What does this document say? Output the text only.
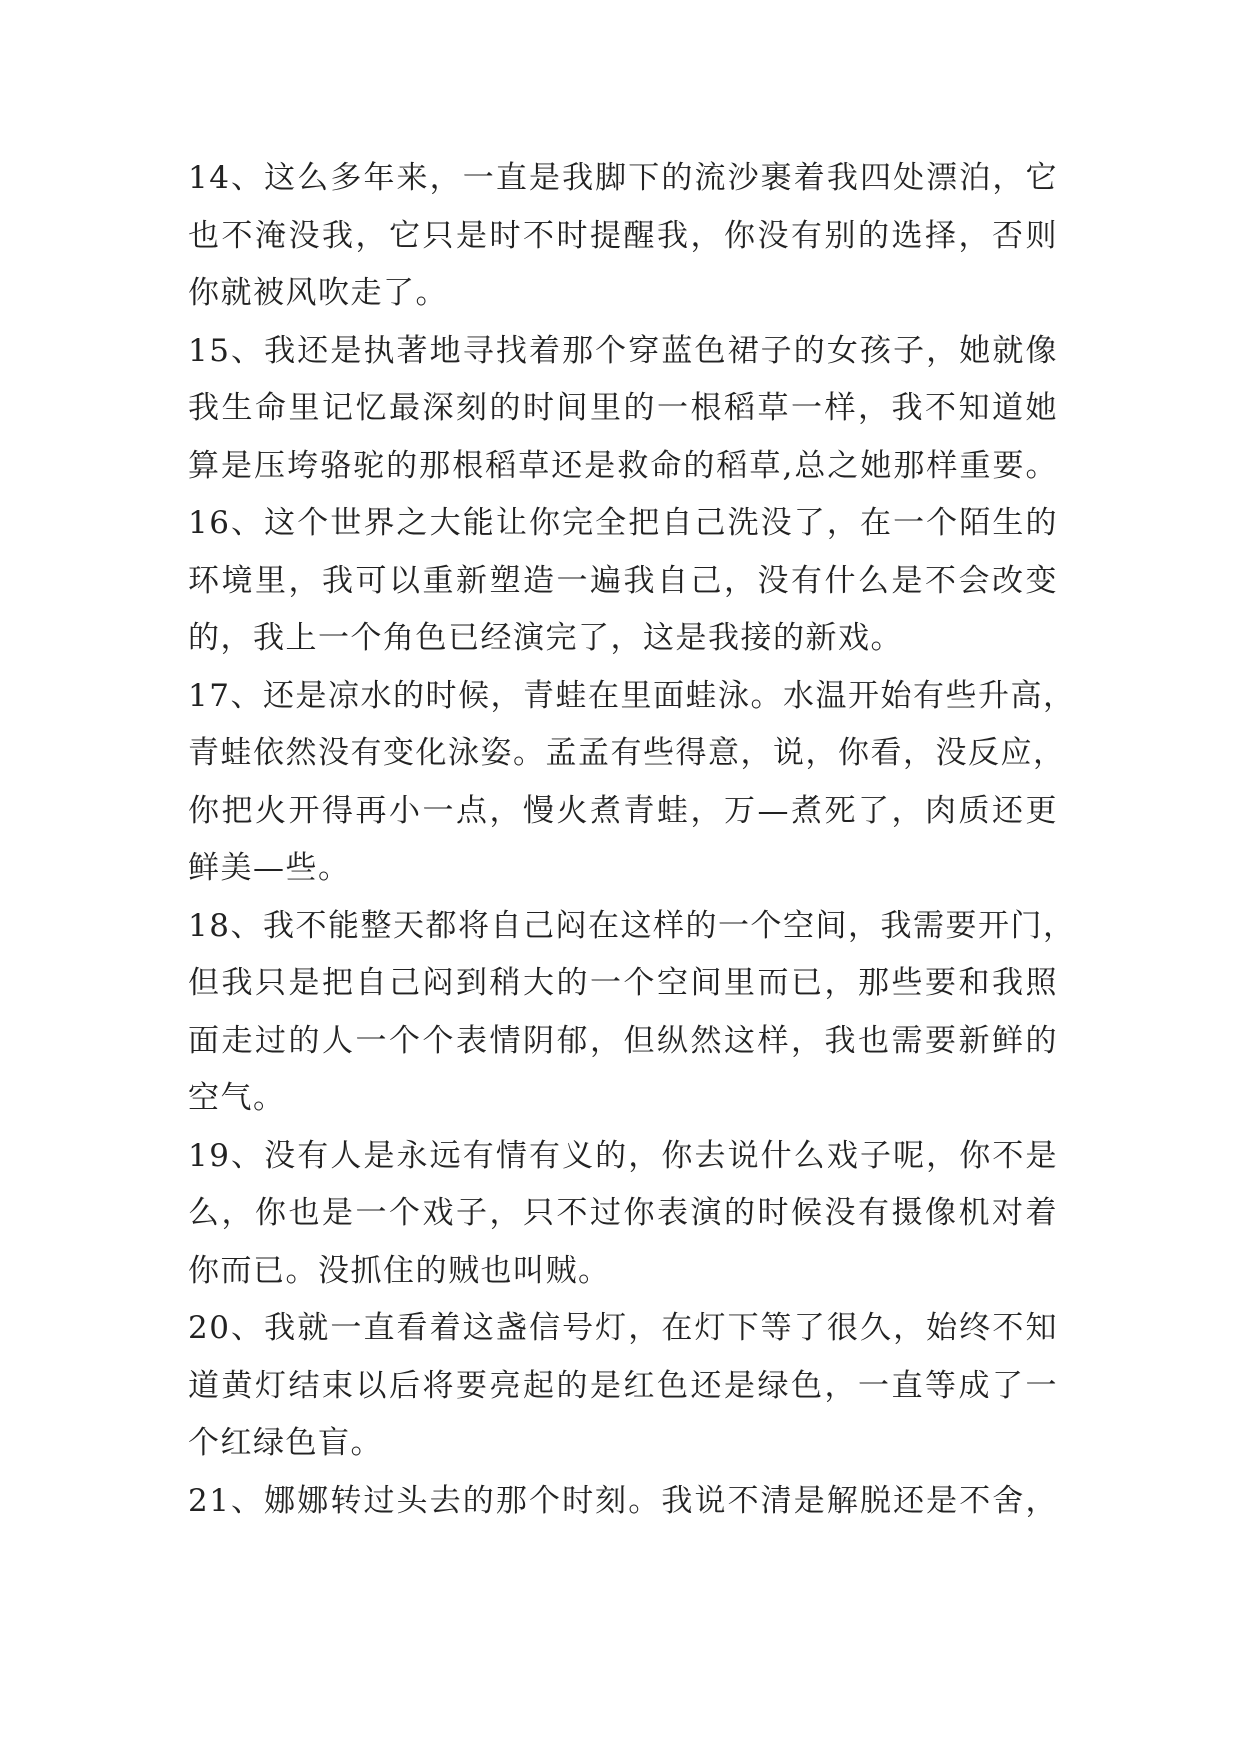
14、这么多年来，一直是我脚下的流沙裹着我四处漂泊，它
也不淹没我，它只是时不时提醒我，你没有别的选择，否则
你就被风吹走了。
15、我还是执著地寻找着那个穿蓝色裙子的女孩子，她就像
我生命里记忆最深刻的时间里的一根稻草一样，我不知道她
算是压垮骆驼的那根稻草还是救命的稻草,总之她那样重要。
16、这个世界之大能让你完全把自己洗没了，在一个陌生的
环境里，我可以重新塑造一遍我自己，没有什么是不会改变
的，我上一个角色已经演完了，这是我接的新戏。
17、还是凉水的时候，青蛙在里面蛙泳。水温开始有些升高，
青蛙依然没有变化泳姿。孟孟有些得意，说，你看，没反应，
你把火开得再小一点，慢火煮青蛙，万—煮死了，肉质还更
鲜美—些。
18、我不能整天都将自己闷在这样的一个空间，我需要开门，
但我只是把自己闷到稍大的一个空间里而已，那些要和我照
面走过的人一个个表情阴郁，但纵然这样，我也需要新鲜的
空气。
19、没有人是永远有情有义的，你去说什么戏子呢，你不是
么，你也是一个戏子，只不过你表演的时候没有摄像机对着
你而已。没抓住的贼也叫贼。
20、我就一直看着这盏信号灯，在灯下等了很久，始终不知
道黄灯结束以后将要亮起的是红色还是绿色，一直等成了一
个红绿色盲。
21、娜娜转过头去的那个时刻。我说不清是解脱还是不舍，
